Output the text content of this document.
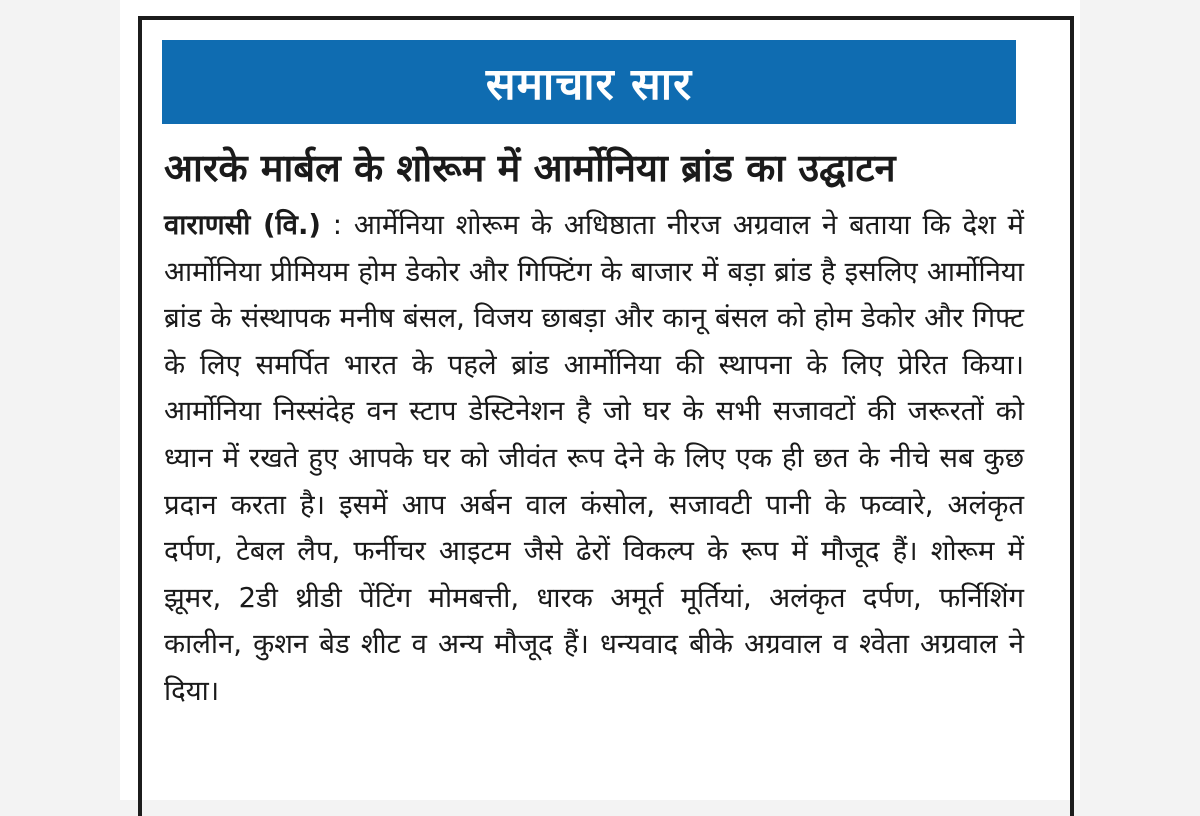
समाचार सार
आरके मार्बल के शोरूम में आर्मोनिया ब्रांड का उद्घाटन
वाराणसी (वि.) : आर्मेनिया शोरूम के अधिष्ठाता नीरज अग्रवाल ने बताया कि देश में आर्मोनिया प्रीमियम होम डेकोर और गिफ्टिंग के बाजार में बड़ा ब्रांड है इसलिए आर्मोनिया ब्रांड के संस्थापक मनीष बंसल, विजय छाबड़ा और कानू बंसल को होम डेकोर और गिफ्ट के लिए समर्पित भारत के पहले ब्रांड आर्मोनिया की स्थापना के लिए प्रेरित किया। आर्मोनिया निस्संदेह वन स्टाप डेस्टिनेशन है जो घर के सभी सजावटों की जरूरतों को ध्यान में रखते हुए आपके घर को जीवंत रूप देने के लिए एक ही छत के नीचे सब कुछ प्रदान करता है। इसमें आप अर्बन वाल कंसोल, सजावटी पानी के फव्वारे, अलंकृत दर्पण, टेबल लैप, फर्नीचर आइटम जैसे ढेरों विकल्प के रूप में मौजूद हैं। शोरूम में झूमर, 2डी थ्रीडी पेंटिंग मोमबत्ती, धारक अमूर्त मूर्तियां, अलंकृत दर्पण, फर्निशिंग कालीन, कुशन बेड शीट व अन्य मौजूद हैं। धन्यवाद बीके अग्रवाल व श्वेता अग्रवाल ने दिया।
